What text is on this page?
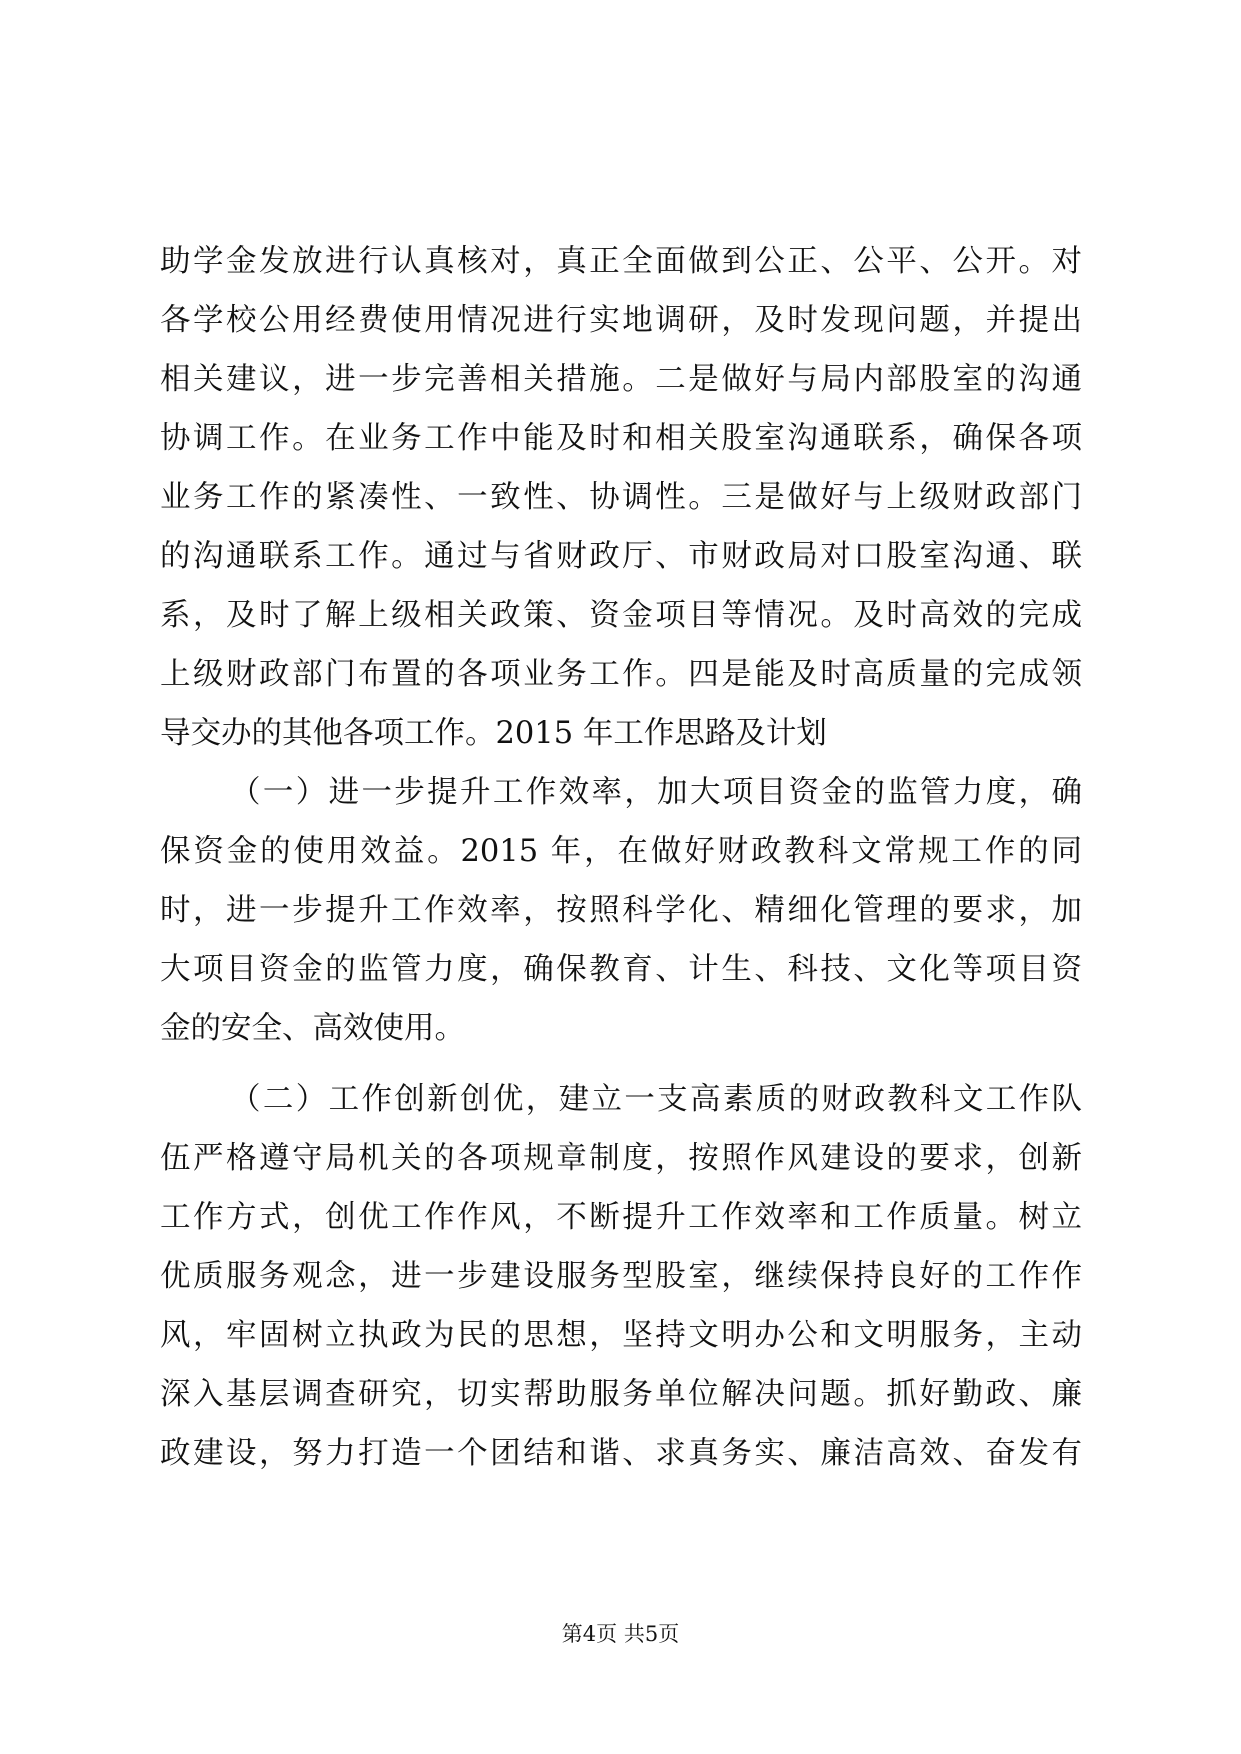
助学金发放进行认真核对，真正全面做到公正、公平、公开。对
各学校公用经费使用情况进行实地调研，及时发现问题，并提出
相关建议，进一步完善相关措施。二是做好与局内部股室的沟通
协调工作。在业务工作中能及时和相关股室沟通联系，确保各项
业务工作的紧凑性、一致性、协调性。三是做好与上级财政部门
的沟通联系工作。通过与省财政厅、市财政局对口股室沟通、联
系，及时了解上级相关政策、资金项目等情况。及时高效的完成
上级财政部门布置的各项业务工作。四是能及时高质量的完成领
导交办的其他各项工作。2015 年工作思路及计划
（一）进一步提升工作效率，加大项目资金的监管力度，确
保资金的使用效益。2015 年，在做好财政教科文常规工作的同
时，进一步提升工作效率，按照科学化、精细化管理的要求，加
大项目资金的监管力度，确保教育、计生、科技、文化等项目资
金的安全、高效使用。
（二）工作创新创优，建立一支高素质的财政教科文工作队
伍严格遵守局机关的各项规章制度，按照作风建设的要求，创新
工作方式，创优工作作风，不断提升工作效率和工作质量。树立
优质服务观念，进一步建设服务型股室，继续保持良好的工作作
风，牢固树立执政为民的思想，坚持文明办公和文明服务，主动
深入基层调查研究，切实帮助服务单位解决问题。抓好勤政、廉
政建设，努力打造一个团结和谐、求真务实、廉洁高效、奋发有
第4页 共5页
